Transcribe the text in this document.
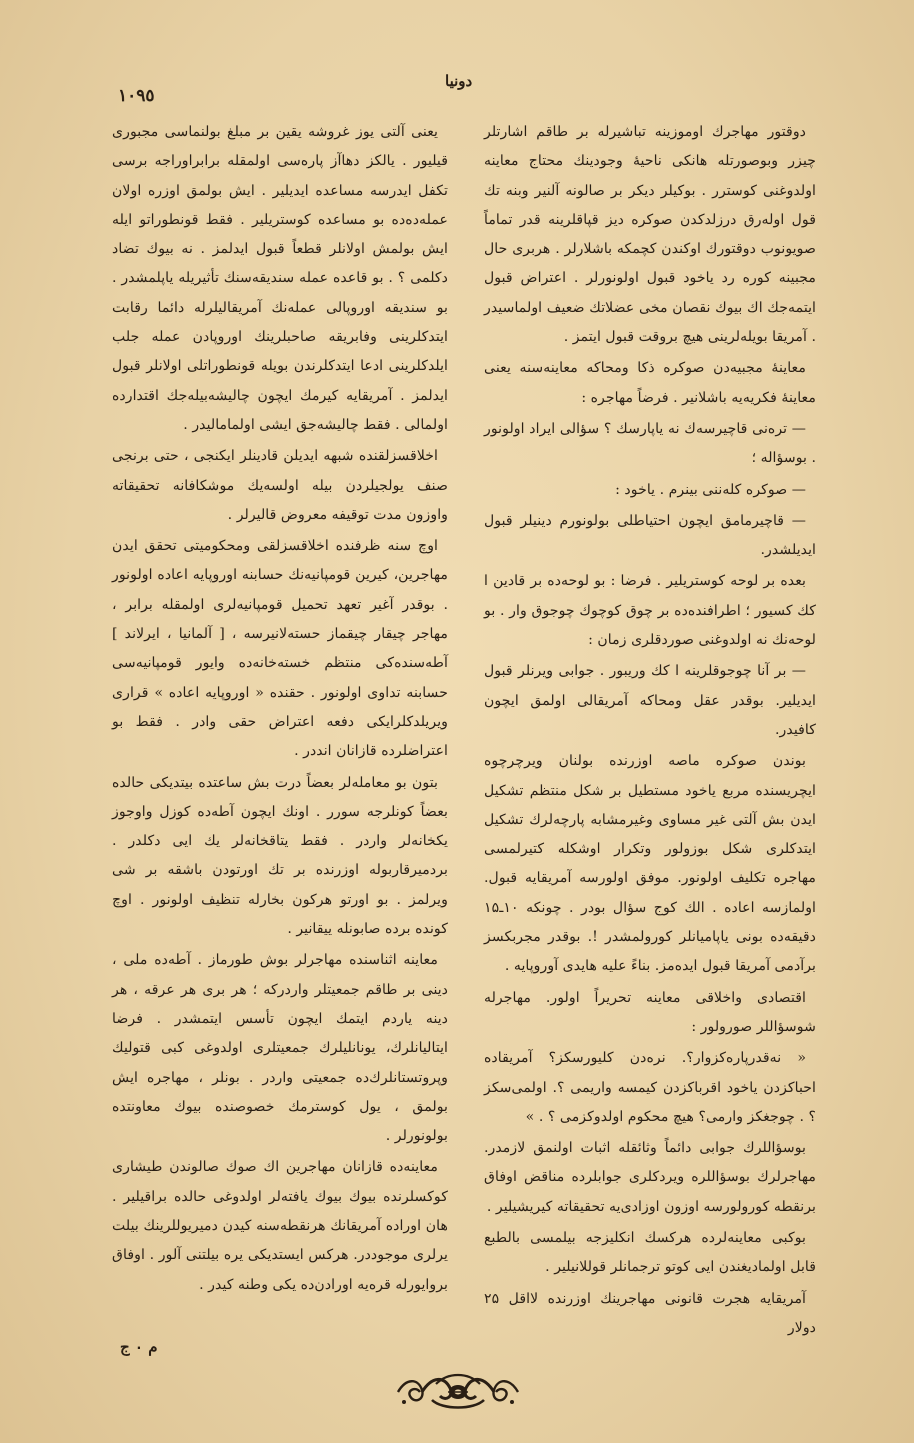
١٠٩٥
دونیا

دوقتور مهاجرك اوموزینه تباشیرله بر طاقم اشارتلر چیزر وبوصورتله هانكی ناحیهٔ وجودینك محتاج معاینه اولدوغنی كوسترر . بوكیلر دیكر بر صالونه آلنیر وبنه تك قول اولەرق درزلدكدن صوكره دیز قپاقلرینه قدر تماماً صویونوب دوقتورك اوكندن كچمكه باشلارلر . هربری حال مجبینه كوره رد یاخود قبول اولونورلر . اعتراض قبول ایتمه‌جك اك بیوك نقصان مخی عضلاتك ضعیف اولماسیدر . آمریقا بویله‌لرینی هیچ بروقت قبول ایتمز .

معاینهٔ مجبیه‌دن صوكره ذكا ومحاكه معاینه‌سنه یعنی معاینهٔ فكریه‌یه باشلانیر . فرضاً مهاجره :

— ترەنی قاچیرسه‌ك نه یاپارسك ؟ سؤالی ایراد اولونور . بوسؤاله ؛

— صوكره كله‌ننی بینرم . یاخود :

— قاچیرمامق ایچون احتیاطلی بولونورم دینیلر قبول ایدیلشدر.

بعده بر لوحه كوستریلیر . فرضا : بو لوحه‌ده بر قادین ا كك كسیور ؛ اطرافنده‌ده بر چوق كوچوك چوجوق وار . بو لوحه‌نك نه اولدوغنی صوردقلری زمان :

— بر آنا چوجوقلرینه ا كك وریبور . جوابی ویرنلر قبول ایدیلیر. بوقدر عقل ومحاكه آمریقالی اولمق ایچون كافیدر.

بوندن صوكره ماصه اوزرنده بولنان ویرچرچوه ایچریسنده مربع یاخود مستطیل بر شكل منتظم تشكیل ایدن بش آلتی غیر مساوی وغیرمشابه پارچەلرك تشكیل ایتدكلری شكل بوزولور وتكرار اوشكله كتیرلمسی مهاجره تكلیف اولونور. موفق اولورسه آمریقایه قبول. اولمازسه اعاده . الك كوج سؤال بودر . چونكه ۱۰ـ۱۵ دقیقه‌ده بونی یاپامیانلر كورولمشدر !. بوقدر مجربكسز برآدمی آمریقا قبول ایدەمز. بناءً علیه هایدی آوروپایه .

اقتصادی واخلاقی معاینه تحریراً اولور. مهاجرله شوسؤاللر صورولور :

« نەقدرپاره‌كزوار؟. نره‌دن كلیورسكز؟ آمریقاده احباكزدن یاخود اقرباكزدن كیمسه واریمی ؟. اولمی‌سكز ؟ . چوجغكز وارمی؟ هیچ محكوم اولدوكزمی ؟ . »

بوسؤاللرك جوابی دائماً وثائقله اثبات اولنمق لازمدر. مهاجرلرك بوسؤاللره ویردكلری جوابلرده مناقض اوفاق برنقطه كورولورسه اوزون اوزادی‌یه تحقیقاته كیریشیلیر .

بوكبی معاینه‌لرده هركسك انكلیزجه بیلمسی بالطبع قابل اولمادیغندن ایی كوتو ترجمانلر قوللانیلیر .

آمریقایه هجرت قانونی مهاجرینك اوزرنده لااقل ۲۵ دولار

یعنی آلتی یوز غروشه یقین بر مبلغ بولنماسی مجبوری قیلیور . یالكز دهاآز پاره‌سی اولمقله برابراوراجه برسی تكفل ایدرسه مساعده ایدیلیر . ایش بولمق اوزره اولان عمله‌ده‌ده بو مساعده كوستریلیر . فقط قونطوراتو ایله ایش بولمش اولانلر قطعاً قبول ایدلمز . نه بیوك تضاد دكلمی ؟ . بو قاعده عمله سندیقه‌سنك تأثیریله یاپلمشدر . بو سندیقه اوروپالی عمله‌نك آمریقالیلرله دائما رقابت ایتدكلرینی وفابریقه صاحبلرینك اوروپادن عمله جلب ایلدكلرینی ادعا ایتدكلرندن بویله قونطوراتلی اولانلر قبول ایدلمز . آمریقایه كیرمك ایچون چالیشه‌بیله‌جك اقتدارده اولمالی . فقط چالیشه‌جق ایشی اولمامالیدر .

اخلاقسزلقنده شبهه ایدیلن قادینلر ایكنجی ، حتی برنجی صنف یولجیلردن بیله اولسه‌یك موشكافانه تحقیقاته واوزون مدت توقیفه معروض قالیرلر .

اوچ سنه ظرفنده اخلاقسزلقی ومحكومیتی تحقق ایدن مهاجرین، كیرین قومپانیه‌نك حسابنه اوروپایه اعاده اولونور . بوقدر آغیر تعهد تحمیل قومپانیه‌لری اولمقله برابر ، مهاجر چیقار چیقماز حسته‌لانیرسه ، [ آلمانیا ، ایرلاند ] آطه‌سنده‌كی منتظم خسته‌خانه‌ده وایور قومپانیه‌سی حسابنه تداوی اولونور . حقنده « اوروپایه اعاده » قراری ویریلدكلرایكی دفعه اعتراض حقی وادر . فقط بو اعتراضلرده قازانان انددر .

بتون بو معامله‌لر بعضاً درت بش ساعتده بیتدیكی حالده بعضاً كونلرجه سورر . اونك ایچون آطه‌ده كوزل واوجوز یكخانه‌لر واردر . فقط یتاقخانه‌لر یك ایی دكلدر . بردمیرقاربوله اوزرنده بر تك اورتودن باشقه بر شی ویرلمز . بو اورتو هركون بخارله تنظیف اولونور . اوچ كونده برده صابونله ییقانیر .

معاینه اثناسنده مهاجرلر بوش طورماز . آطه‌ده ملی ، دینی بر طاقم جمعیتلر واردركه ؛ هر بری هر عرقه ، هر دینه یاردم ایتمك ایچون تأسس ایتمشدر . فرضا ایتالیانلرك، یونانلیلرك جمعیتلری اولدوغی كبی قتولیك وپروتستانلرك‌ده جمعیتی واردر . بونلر ، مهاجره ایش بولمق ، یول كوسترمك خصوصنده بیوك معاونتده بولونورلر .

معاینه‌ده قازانان مهاجرین اك صوك صالوندن طیشاری كوكسلرنده بیوك بیوك یافته‌لر اولدوغی حالده براقیلیر . هان اوراده آمریقانك هرنقطه‌سنه كیدن دمیریوللرینك بیلت یرلری موجوددر. هركس ایستدیكی یره بیلتنی آلور . اوفاق بروایورله قرەیه اورادن‌ده یكی وطنه كیدر .

م ٠ ج
